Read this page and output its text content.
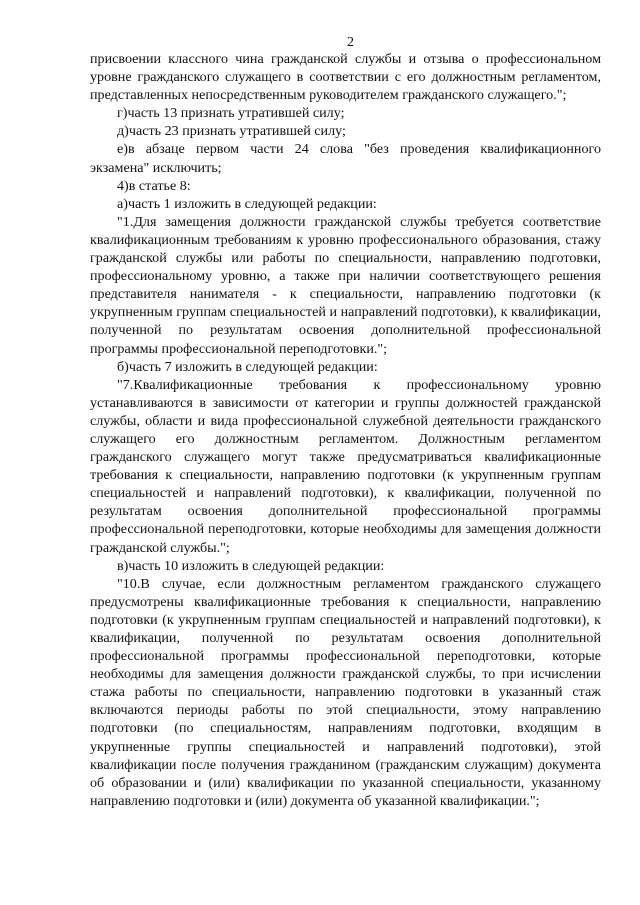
2

присвоении классного чина гражданской службы и отзыва о профессиональном уровне гражданского служащего в соответствии с его должностным регламентом, представленных непосредственным руководителем гражданского служащего.";

г)часть 13 признать утратившей силу;

д)часть 23 признать утратившей силу;

е)в абзаце первом части 24 слова "без проведения квалификационного экзамена" исключить;

4)в статье 8:

а)часть 1 изложить в следующей редакции:

"1.Для замещения должности гражданской службы требуется соответствие квалификационным требованиям к уровню профессионального образования, стажу гражданской службы или работы по специальности, направлению подготовки, профессиональному уровню, а также при наличии соответствующего решения представителя нанимателя - к специальности, направлению подготовки (к укрупненным группам специальностей и направлений подготовки), к квалификации, полученной по результатам освоения дополнительной профессиональной программы профессиональной переподготовки.";

б)часть 7 изложить в следующей редакции:

"7.Квалификационные требования к профессиональному уровню устанавливаются в зависимости от категории и группы должностей гражданской службы, области и вида профессиональной служебной деятельности гражданского служащего его должностным регламентом. Должностным регламентом гражданского служащего могут также предусматриваться квалификационные требования к специальности, направлению подготовки (к укрупненным группам специальностей и направлений подготовки), к квалификации, полученной по результатам освоения дополнительной профессиональной программы профессиональной переподготовки, которые необходимы для замещения должности гражданской службы.";

в)часть 10 изложить в следующей редакции:

"10.В случае, если должностным регламентом гражданского служащего предусмотрены квалификационные требования к специальности, направлению подготовки (к укрупненным группам специальностей и направлений подготовки), к квалификации, полученной по результатам освоения дополнительной профессиональной программы профессиональной переподготовки, которые необходимы для замещения должности гражданской службы, то при исчислении стажа работы по специальности, направлению подготовки в указанный стаж включаются периоды работы по этой специальности, этому направлению подготовки (по специальностям, направлениям подготовки, входящим в укрупненные группы специальностей и направлений подготовки), этой квалификации после получения гражданином (гражданским служащим) документа об образовании и (или) квалификации по указанной специальности, указанному направлению подготовки и (или) документа об указанной квалификации.";
